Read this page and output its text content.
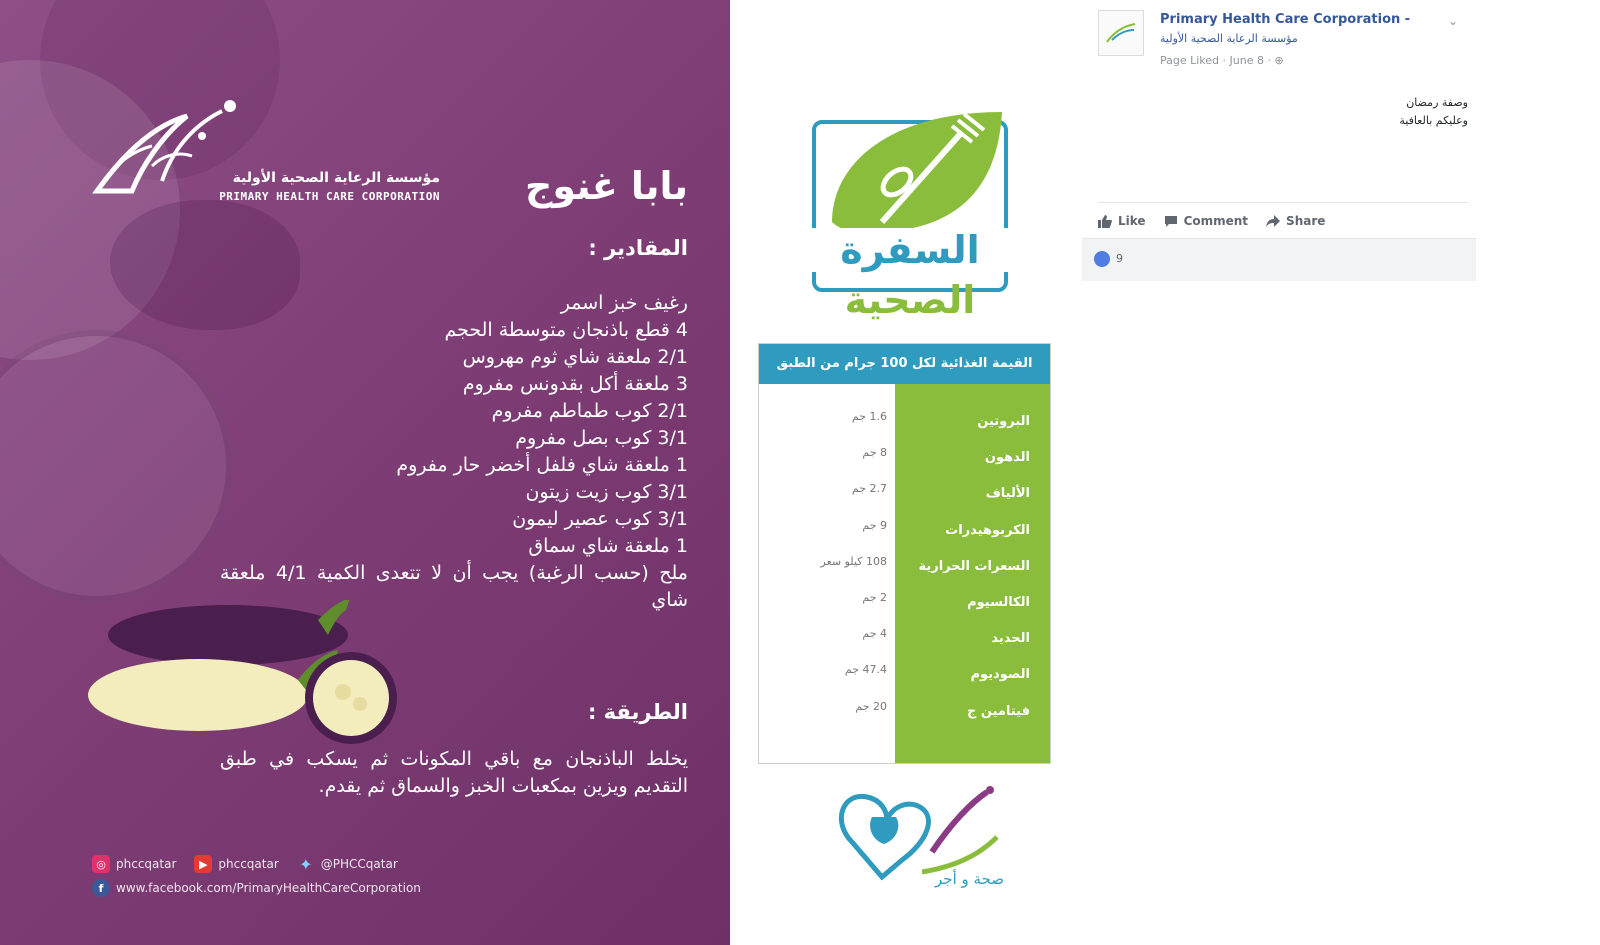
مؤسسة الرعاية الصحية الأولية
PRIMARY HEALTH CARE CORPORATION	بابا غنوج
المقادير :
رغيف خبز اسمر
4 قطع باذنجان متوسطة الحجم
2/1 ملعقة شاي ثوم مهروس
3 ملعقة أكل بقدونس مفروم
2/1 كوب طماطم مفروم
3/1 كوب بصل مفروم
1 ملعقة شاي فلفل أخضر حار مفروم
3/1 كوب زيت زيتون
3/1 كوب عصير ليمون
1 ملعقة شاي سماق
ملح (حسب الرغبة) يجب أن لا تتعدى الكمية 4/1 ملعقة شاي
الطريقة :
يخلط الباذنجان مع باقي المكونات ثم يسكب في طبق التقديم ويزين بمكعبات الخبز والسماق ثم يقدم.
◎ phccqatar	▶ phccqatar ✦ @PHCCqatar
f	www.facebook.com/PrimaryHealthCareCorporation
السفرة
الصحية
القيمة الغذائية لكل 100 جرام من الطبق
البروتين
1.6 جم
الدهون
8 جم
الألياف
2.7 جم
الكربوهيدرات
9 جم
السعرات الحرارية
108 كيلو سعر
الكالسيوم
2 جم
الحديد
4 جم
الصوديوم
47.4 جم
فيتامين ج
20 جم
صحة و أجر
Primary Health Care Corporation -
مؤسسة الرعاية الصحية الأولية
Page Liked · June 8 · ⊕
⌄
وصفة رمضان
وعليكم بالعافية
Like	Comment	Share
9
